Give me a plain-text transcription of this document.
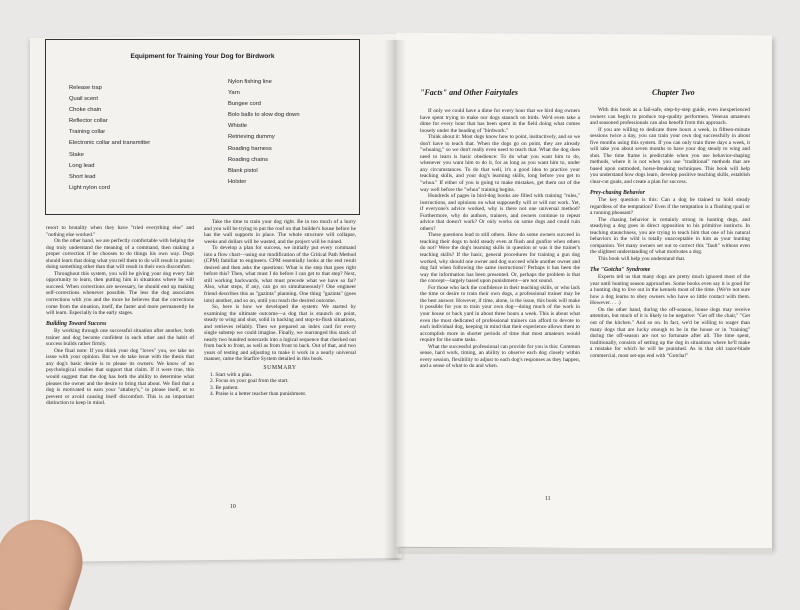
Equipment for Training Your Dog for Birdwork
Release trap
Quail scent
Choke chain
Reflector collar
Training collar
Electronic collar and transmitter
Stake
Long lead
Short lead
Light nylon cord
Nylon fishing line
Yarn
Bungee cord
Bolo balls to slow dog down
Whistle
Retrieving dummy
Roading harness
Roading chains
Blank pistol
Holster

resort to brutality when they have "tried everything else" and "nothing else worked."

On the other hand, we are perfectly comfortable with helping the dog truly understand the meaning of a command, then making a proper correction if he chooses to do things his own way. Dogs should learn that doing what you tell them to do will result in praise; doing something other than that will result in their own discomfort.

Throughout this system, you will be giving your dog every fair opportunity to learn, then putting him in situations where he will succeed. When corrections are necessary, he should end up making self-corrections whenever possible. The less the dog associates corrections with you and the more he believes that the corrections come from the situation, itself, the faster and more permanently he will learn. Especially in the early stages.

Building Toward Success

By working through one successful situation after another, both trainer and dog become confident in each other and the habit of success builds rather firmly.

One final note: If you think your dog "loves" you, we take no issue with your opinion. But we do take issue with the thesis that any dog's basic desire is to please its owners. We know of no psychological studies that support that claim. If it were true, this would suggest that the dog has both the ability to determine what pleases the owner and the desire to bring that about. We find that a dog is motivated to earn your "attaboy's," to please itself, or to prevent or avoid causing itself discomfort. This is an important distinction to keep in mind.

Take the time to train your dog right. Be in too much of a hurry and you will be trying to put the roof on that builder's house before he has the wall supports in place. The whole structure will collapse, weeks and dollars will be wasted, and the project will be ruined.

To develop a plan for success, we initially put every command into a flow chart—using our modification of the Critical Path Method (CPM) familiar to engineers. CPM essentially looks at the end result desired and then asks the questions: What is the step that goes right before this? Then, what must I do before I can get to that step? Next, still working backwards, what must precede what we have so far? Also, what steps, if any, can go on simultaneously? One engineer friend describes this as "gazinta" planning. One thing "gazinta" (goes into) another, and so on, until you reach the desired outcome.

So, here is how we developed the system: We started by examining the ultimate outcome—a dog that is staunch on point, steady to wing and shot, solid in backing and stop-to-flush situations, and retrieves reliably. Then we prepared an index card for every single substep we could imagine. Finally, we rearranged this stack of nearly two hundred notecards into a logical sequence that checked out from back to front, as well as from front to back. Out of that, and two years of testing and adjusting to make it work in a nearly universal manner, came the Starfire System detailed in this book.

SUMMARY
1. Start with a plan.
2. Focus on your goal from the start.
3. Be patient.
4. Praise is a better teacher than punishment.
10
"Facts" and Other Fairytales	Chapter Two

If only we could have a dime for every hour that we bird dog owners have spent trying to make our dogs staunch on birds. We'd even take a dime for every hour that has been spent in the field doing what comes loosely under the heading of "birdwork."

Think about it: Most dogs know how to point, instinctively, and so we don't have to teach that. When the dogs go on point, they are already "whoaing," so we don't really even need to teach that. What the dog does need to learn is basic obedience: To do what you want him to do, whenever you want him to do it, for as long as you want him to, under any circumstances. To do that well, it's a good idea to practice your teaching skills, and your dog's learning skills, long before you get to "whoa." If either of you is going to make mistakes, get them out of the way well before the "whoa" training begins.

Hundreds of pages in bird-dog books are filled with training "rules," instructions, and opinions on what supposedly will or will not work. Yet, if everyone's advice worked, why is there not one universal method? Furthermore, why do authors, trainers, and owners continue to repeat advice that doesn't work? Or only works on some dogs and could ruin others?

These questions lead to still others. How do some owners succeed in teaching their dogs to hold steady even at flush and gunfire when others do not? Were the dog's learning skills in question or was it the trainer's teaching skills? If the basic, general procedures for training a gun dog worked, why should one owner and dog succeed while another owner and dog fail when following the same instructions? Perhaps it has been the way the information has been presented. Or, perhaps the problem is that the concept—largely based upon punishment—are not sound.

For those who lack the confidence in their teaching skills, or who lack the time or desire to train their own dogs, a professional trainer may be the best answer. However, if time, alone, is the issue, this book will make it possible for you to train your own dog—doing much of the work in your house or back yard in about three hours a week. This is about what even the most dedicated of professional trainers can afford to devote to each individual dog, keeping in mind that their experience allows them to accomplish more in shorter periods of time that most amateurs would require for the same tasks.

What the successful professional can provide for you is this: Common sense, hard work, timing, an ability to observe each dog closely within every session, flexibility to adjust to each dog's responses as they happen, and a sense of what to do and when.

With this book as a fail-safe, step-by-step guide, even inexperienced owners can begin to produce top-quality performers. Veteran amateurs and seasoned professionals can also benefit from this approach.

If you are willing to dedicate three hours a week, in fifteen-minute sessions twice a day, you can train your own dog successfully in about five months using this system. If you can only train three days a week, it will take you about seven months to have your dog steady to wing and shot. The time frame is predictable when you use behavior-shaping methods, where it is not when you use "traditional" methods that are based upon outmoded, horse-breaking techniques. This book will help you understand how dogs learn, develop positive teaching skills, establish clear-cut goals, and create a plan for success.

Prey-chasing Behavior

The key question is this: Can a dog be trained to hold steady regardless of the temptation? Even if the temptation is a flushing quail or a running pheasant?

The chasing behavior is certainly strong in hunting dogs, and steadying a dog goes in direct opposition to his primitive instincts. In teaching staunchness, you are trying to teach him that one of his natural behaviors in the wild is totally unacceptable in him as your hunting companion. Yet many owners set out to correct this "fault" without even the slightest understanding of what motivates a dog.

This book will help you understand that.

The "Gotcha" Syndrome

Experts tell us that many dogs are pretty much ignored most of the year until hunting season approaches. Some books even say it is good for a hunting dog to live out in the kennels most of the time. (We're not sure how a dog learns to obey owners who have so little contact with them. However. . . .)

On the other hand, during the off-season, house dogs may receive attention, but much of it is likely to be negative: "Get off the chair," "Get out of the kitchen." And so on. In fact, we'd be willing to wager than many dogs that are lucky enough to be in the house or in "training" during the off-season are not so fortunate after all. The time spent, traditionally, consists of setting up the dog in situations where he'll make a mistake for which he will be punished. As in that old razor-blade commercial, most set-ups end with "Gotcha!"

11
